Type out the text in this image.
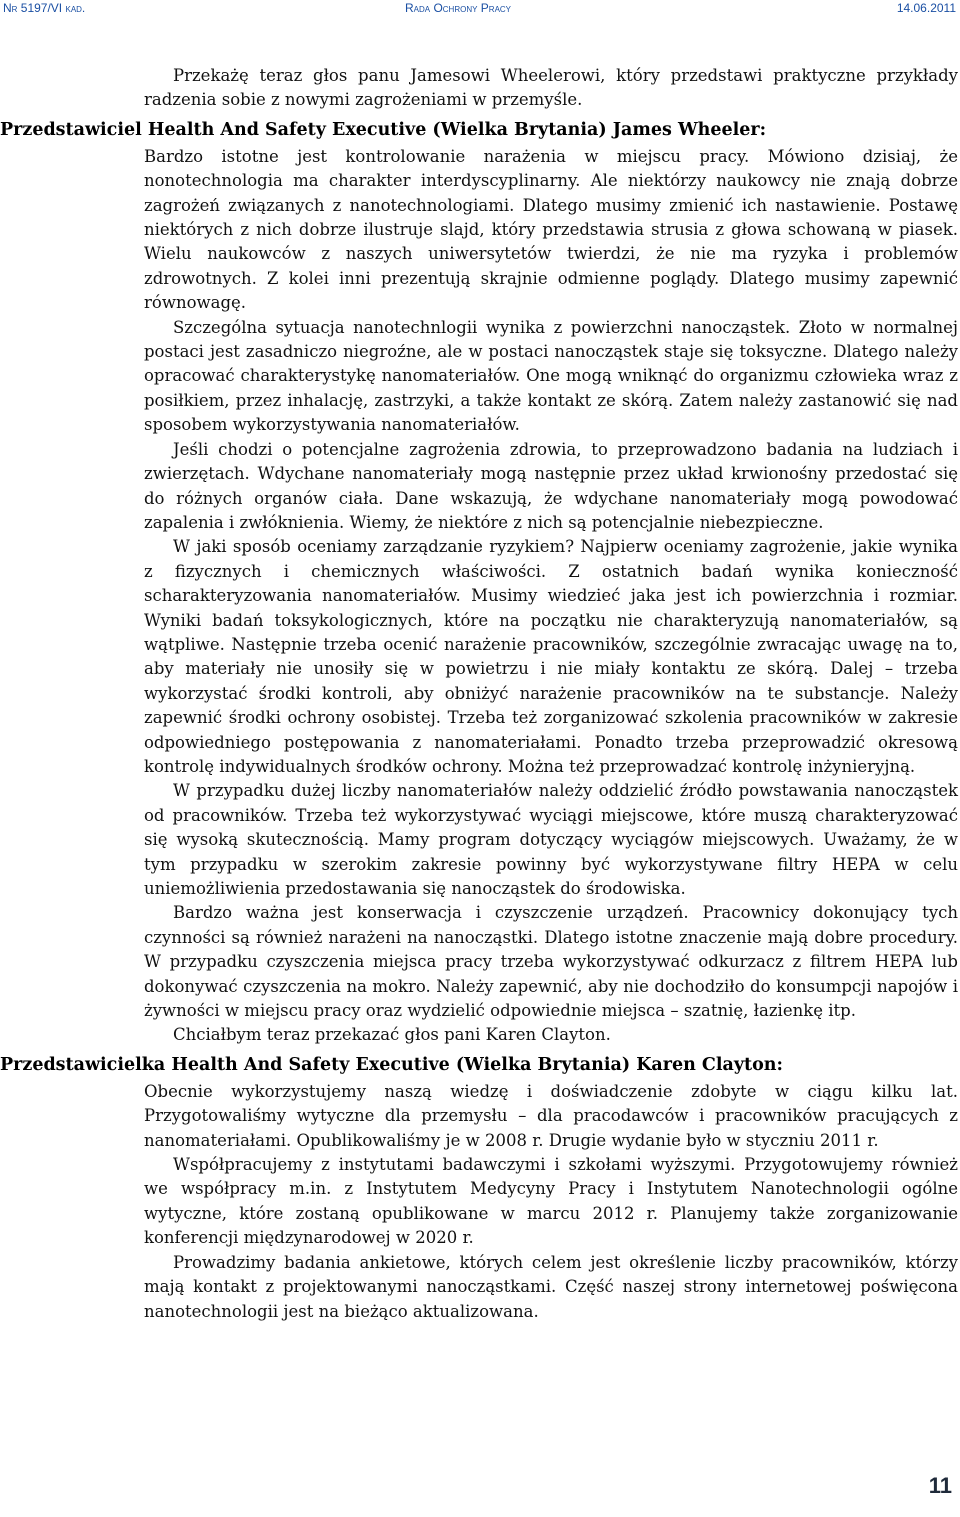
Nr 5197/VI kad.	Rada Ochrony Pracy	14.06.2011

Przekażę teraz głos panu Jamesowi Wheelerowi, który przedstawi praktyczne przykłady radzenia sobie z nowymi zagrożeniami w przemyśle.

Przedstawiciel Health And Safety Executive (Wielka Brytania) James Wheeler:

Bardzo istotne jest kontrolowanie narażenia w miejscu pracy. Mówiono dzisiaj, że nonotechnologia ma charakter interdyscyplinarny. Ale niektórzy naukowcy nie znają dobrze zagrożeń związanych z nanotechnologiami. Dlatego musimy zmienić ich nastawienie. Postawę niektórych z nich dobrze ilustruje slajd, który przedstawia strusia z głowa schowaną w piasek. Wielu naukowców z naszych uniwersytetów twierdzi, że nie ma ryzyka i problemów zdrowotnych. Z kolei inni prezentują skrajnie odmienne poglądy. Dlatego musimy zapewnić równowagę.

Szczególna sytuacja nanotechnlogii wynika z powierzchni nanocząstek. Złoto w normalnej postaci jest zasadniczo niegroźne, ale w postaci nanocząstek staje się toksyczne. Dlatego należy opracować charakterystykę nanomateriałów. One mogą wniknąć do organizmu człowieka wraz z posiłkiem, przez inhalację, zastrzyki, a także kontakt ze skórą. Zatem należy zastanowić się nad sposobem wykorzystywania nanomateriałów.

Jeśli chodzi o potencjalne zagrożenia zdrowia, to przeprowadzono badania na ludziach i zwierzętach. Wdychane nanomateriały mogą następnie przez układ krwionośny przedostać się do różnych organów ciała. Dane wskazują, że wdychane nanomateriały mogą powodować zapalenia i zwłóknienia. Wiemy, że niektóre z nich są potencjalnie niebezpieczne.

W jaki sposób oceniamy zarządzanie ryzykiem? Najpierw oceniamy zagrożenie, jakie wynika z fizycznych i chemicznych właściwości. Z ostatnich badań wynika konieczność scharakteryzowania nanomateriałów. Musimy wiedzieć jaka jest ich powierzchnia i rozmiar. Wyniki badań toksykologicznych, które na początku nie charakteryzują nanomateriałów, są wątpliwe. Następnie trzeba ocenić narażenie pracowników, szczególnie zwracając uwagę na to, aby materiały nie unosiły się w powietrzu i nie miały kontaktu ze skórą. Dalej – trzeba wykorzystać środki kontroli, aby obniżyć narażenie pracowników na te substancje. Należy zapewnić środki ochrony osobistej. Trzeba też zorganizować szkolenia pracowników w zakresie odpowiedniego postępowania z nanomateriałami. Ponadto trzeba przeprowadzić okresową kontrolę indywidualnych środków ochrony. Można też przeprowadzać kontrolę inżynieryjną.

W przypadku dużej liczby nanomateriałów należy oddzielić źródło powstawania nanocząstek od pracowników. Trzeba też wykorzystywać wyciągi miejscowe, które muszą charakteryzować się wysoką skutecznością. Mamy program dotyczący wyciągów miejscowych. Uważamy, że w tym przypadku w szerokim zakresie powinny być wykorzystywane filtry HEPA w celu uniemożliwienia przedostawania się nanocząstek do środowiska.

Bardzo ważna jest konserwacja i czyszczenie urządzeń. Pracownicy dokonujący tych czynności są również narażeni na nanocząstki. Dlatego istotne znaczenie mają dobre procedury. W przypadku czyszczenia miejsca pracy trzeba wykorzystywać odkurzacz z filtrem HEPA lub dokonywać czyszczenia na mokro. Należy zapewnić, aby nie dochodziło do konsumpcji napojów i żywności w miejscu pracy oraz wydzielić odpowiednie miejsca – szatnię, łazienkę itp.

Chciałbym teraz przekazać głos pani Karen Clayton.

Przedstawicielka Health And Safety Executive (Wielka Brytania) Karen Clayton:

Obecnie wykorzystujemy naszą wiedzę i doświadczenie zdobyte w ciągu kilku lat. Przygotowaliśmy wytyczne dla przemysłu – dla pracodawców i pracowników pracujących z nanomateriałami. Opublikowaliśmy je w 2008 r. Drugie wydanie było w styczniu 2011 r.

Współpracujemy z instytutami badawczymi i szkołami wyższymi. Przygotowujemy również we współpracy m.in. z Instytutem Medycyny Pracy i Instytutem Nanotechnologii ogólne wytyczne, które zostaną opublikowane w marcu 2012 r. Planujemy także zorganizowanie konferencji międzynarodowej w 2020 r.

Prowadzimy badania ankietowe, których celem jest określenie liczby pracowników, którzy mają kontakt z projektowanymi nanocząstkami. Część naszej strony internetowej poświęcona nanotechnologii jest na bieżąco aktualizowana.

11
